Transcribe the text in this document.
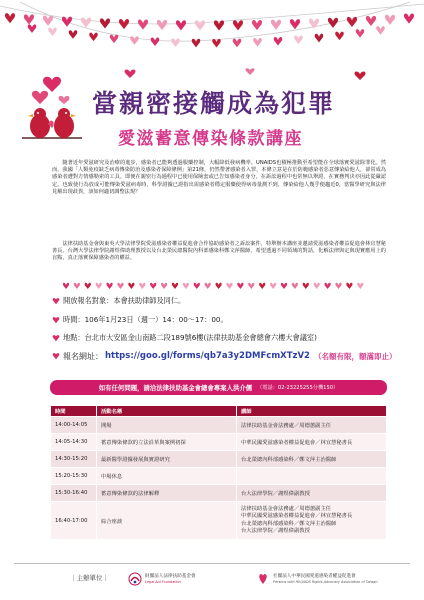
當親密接觸成為犯罪
愛滋蓄意傳染條款講座

隨著近年愛滋研究及治療的進步，感染者已能夠透過服藥控制，大幅降低發病機率。UNAIDS也積極推動至希望能在全球落實愛滋除罪化。然而，我國「人類免疫缺乏病毒傳染防治及感染者保障條例」第21條，仍然帶著感染者入罪，本條立意是在於防範感染者惡意傳染給他人，卻常成為感染者遭對方情感勒索的工具。即便在親密行為過程中已使用保險套或已告知感染者身分，在訴訟過程中也常無以舉證，在實務判決亦因此從嚴認定。也致使行為放成可能傳染愛滋病毒時，科學證據已證指出需感染者穩定服藥使得病毒量測不到，傳染給他人幾乎便趨近0。當醫學研究與法律見解出現歧異，該如何適切調整法規？

法律扶助基金會與東吳大學法律學院愛滋感染者權益促進會合作協助感染者之訴訟案件，特舉辦本講座並邀請愛滋感染者權益促進會林宜慧秘書長、台灣大學法律學院謝煜偉助理教授以及台北榮民總醫院內科部感染科鄭文萍醫師，希望透過不同領域的對話，化解法律與定與現實應用上的盲點，真正落實保障感染者的權益。

開放報名對象：本會扶助律師及同仁。
時間：106年1月23日（週一）14：00～17：00。
地點：台北市大安區金山南路二段189號6樓(法律扶助基金會總會六樓大會議室)
報名網址： https://goo.gl/forms/qb7a3y2DMFcmXTzV2 （名額有限，額滿即止）
如有任何問題，請洽法律扶助基金會總會專案人洪介儒 （電話：02-23225255分機150）
時間	活動名稱	講師
14:00-14:05	開場	法律扶助基金會法務處／周德蕙副主任
14:05-14:30	蓄意傳染條款的立法沿革與案例初探	中華民國愛滋感染者權益促進會／林宜慧秘書長
14:30-15:20	最新醫學證據發展與實證研究	台北榮總內科部感染科／鄭文萍主治醫師
15:20-15:30	中場休息	
15:30-16:40	蓄意傳染條款的法律解釋	台大法律學院／謝煜偉副教授
16:40-17:00	綜合座談	法律扶助基金會法務處／周德蕙副主任
中華民國愛滋感染者權益促進會／林宜慧秘書長
台北榮總內科部感染科／鄭文萍主治醫師
台大法律學院／謝煜偉副教授
｜主辦單位｜	財團法人法律扶助基金會
Legal Aid Foundation
社團法人中華民國愛滋感染者權益促進會
Persons with HIV/AIDS Rights Advocacy Association of Taiwan
